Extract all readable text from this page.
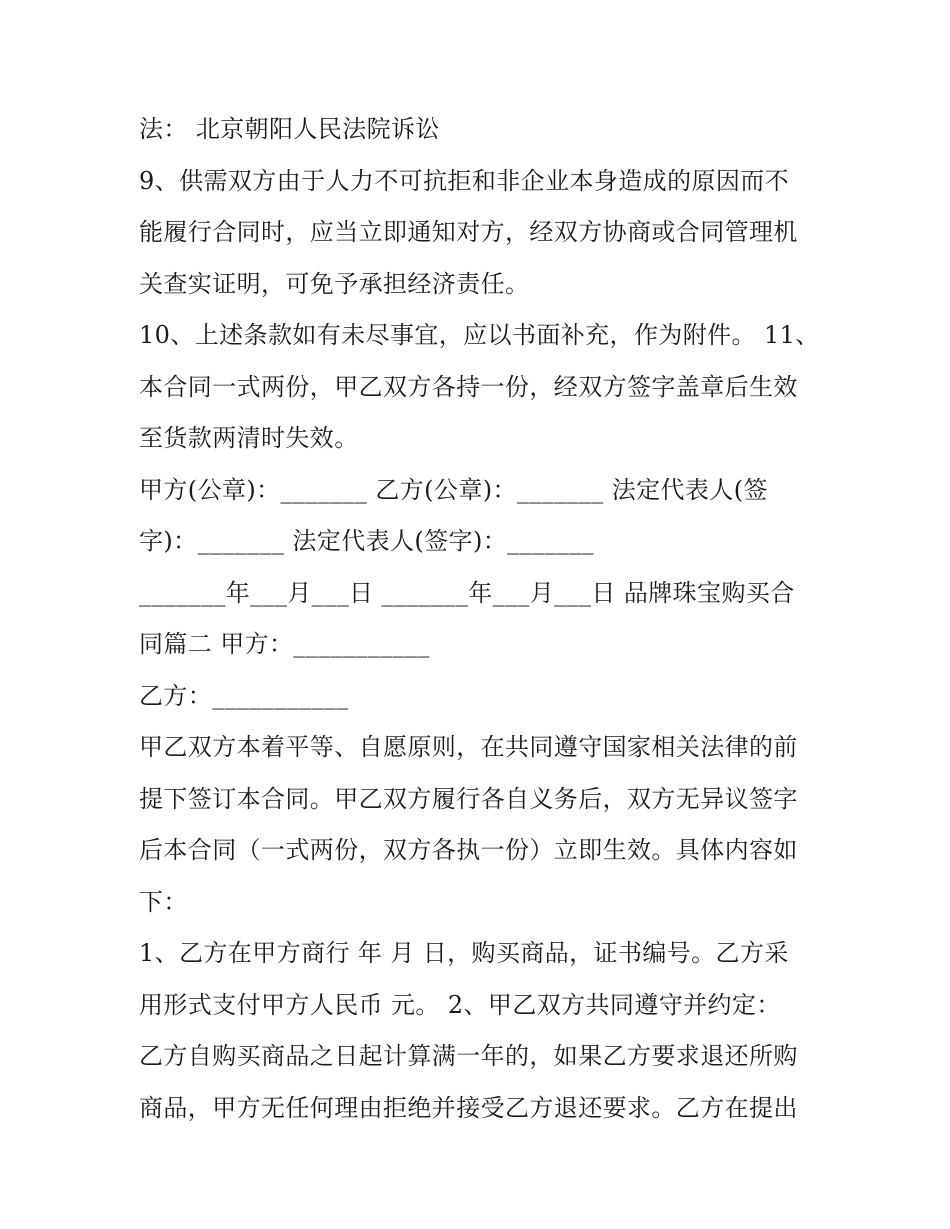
法： 北京朝阳人民法院诉讼
9、供需双方由于人力不可抗拒和非企业本身造成的原因而不
能履行合同时，应当立即通知对方，经双方协商或合同管理机
关查实证明，可免予承担经济责任。
10、上述条款如有未尽事宜，应以书面补充，作为附件。 11、
本合同一式两份，甲乙双方各持一份，经双方签字盖章后生效
至货款两清时失效。
甲方(公章)：_______ 乙方(公章)：_______ 法定代表人(签
字)：_______ 法定代表人(签字)：_______
_______年___月___日 _______年___月___日 品牌珠宝购买合
同篇二 甲方：___________
乙方：___________
甲乙双方本着平等、自愿原则，在共同遵守国家相关法律的前
提下签订本合同。甲乙双方履行各自义务后，双方无异议签字
后本合同（一式两份，双方各执一份）立即生效。具体内容如
下：
1、乙方在甲方商行 年 月 日，购买商品，证书编号。乙方采
用形式支付甲方人民币 元。 2、甲乙双方共同遵守并约定：
乙方自购买商品之日起计算满一年的，如果乙方要求退还所购
商品，甲方无任何理由拒绝并接受乙方退还要求。乙方在提出
